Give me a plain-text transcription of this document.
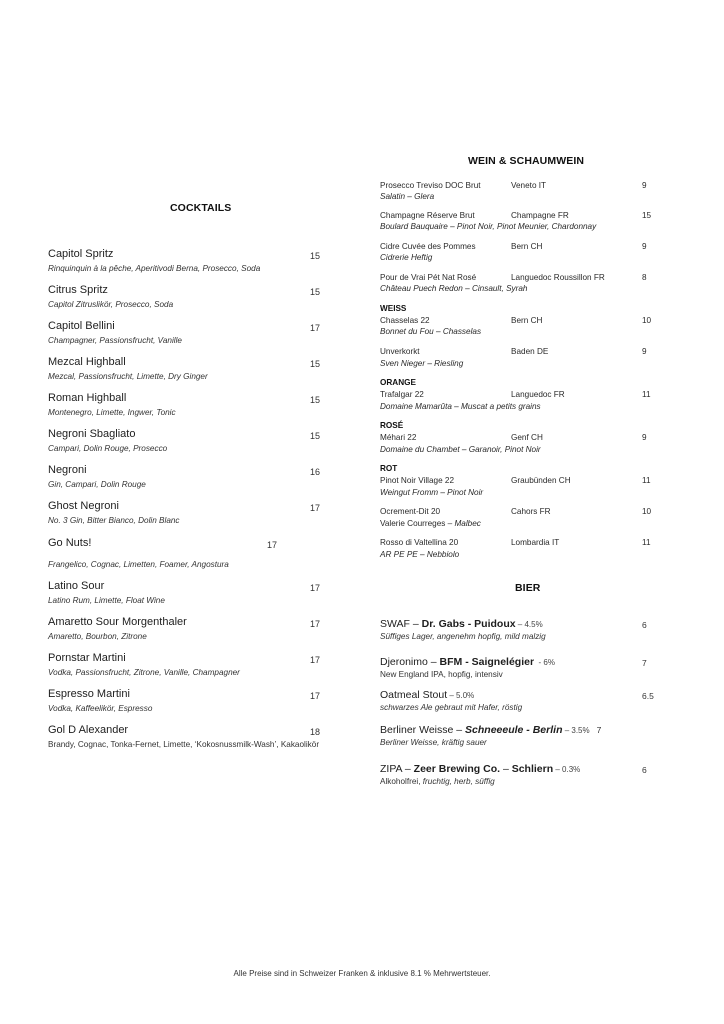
COCKTAILS
Capitol Spritz	15
Rinquinquin à la pêche, Aperitivodi Berna, Prosecco, Soda
Citrus Spritz	15
Capitol Zitruslikör, Prosecco, Soda
Capitol Bellini	17
Champagner, Passionsfrucht, Vanille
Mezcal Highball	15
Mezcal, Passionsfrucht, Limette, Dry Ginger
Roman Highball	15
Montenegro, Limette, Ingwer, Tonic
Negroni Sbagliato	15
Campari, Dolin Rouge, Prosecco
Negroni	16
Gin, Campari, Dolin Rouge
Ghost Negroni	17
No. 3 Gin, Bitter Bianco, Dolin Blanc
Go Nuts!	17
Frangelico, Cognac, Limetten, Foamer, Angostura
Latino Sour	17
Latino Rum, Limette, Float Wine
Amaretto Sour Morgenthaler	17
Amaretto, Bourbon, Zitrone
Pornstar Martini	17
Vodka, Passionsfrucht, Zitrone, Vanille, Champagner
Espresso Martini	17
Vodka, Kaffeelikör, Espresso
Gol D Alexander	18
Brandy, Cognac, Tonka-Fernet, Limette, ‘Kokosnussmilk-Wash’, Kakaolikör
WEIN & SCHAUMWEIN
Prosecco Treviso DOC Brut	Veneto IT	9
Salatin – Glera
Champagne Réserve Brut	Champagne FR	15
Boulard Bauquaire – Pinot Noir, Pinot Meunier, Chardonnay
Cidre Cuvée des Pommes	Bern CH	9
Cidrerie Heftig
Pour de Vrai Pét Nat Rosé	Languedoc Roussillon FR	8
Château Puech Redon – Cinsault, Syrah
WEISS
Chasselas 22	Bern CH	10
Bonnet du Fou – Chasselas
Unverkorkt	Baden DE	9
Sven Nieger – Riesling
ORANGE
Trafalgar 22	Languedoc FR	11
Domaine Mamarûta – Muscat a petits grains
ROSÉ
Méhari 22	Genf CH	9
Domaine du Chambet – Garanoir, Pinot Noir
ROT
Pinot Noir Village 22	Graubünden CH	11
Weingut Fromm – Pinot Noir
Ocrement-Dit 20	Cahors FR	10
Valerie Courreges – Malbec
Rosso di Valtellina 20	Lombardia IT	11
AR PE PE – Nebbiolo
BIER
SWAF – Dr. Gabs - Puidoux – 4.5%	6
Süffiges Lager, angenehm hopfig, mild malzig
Djeronimo – BFM - Saignelégier  - 6%	7
New England IPA, hopfig, intensiv
Oatmeal Stout – 5.0%	6.5
schwarzes Ale gebraut mit Hafer, röstig
Berliner Weisse – Schneeeule - Berlin – 3.5% 7
Berliner Weisse, kräftig sauer
ZIPA – Zeer Brewing Co. – Schliern – 0.3%	6
Alkoholfrei, fruchtig, herb, süffig
Alle Preise sind in Schweizer Franken & inklusive 8.1 % Mehrwertsteuer.
